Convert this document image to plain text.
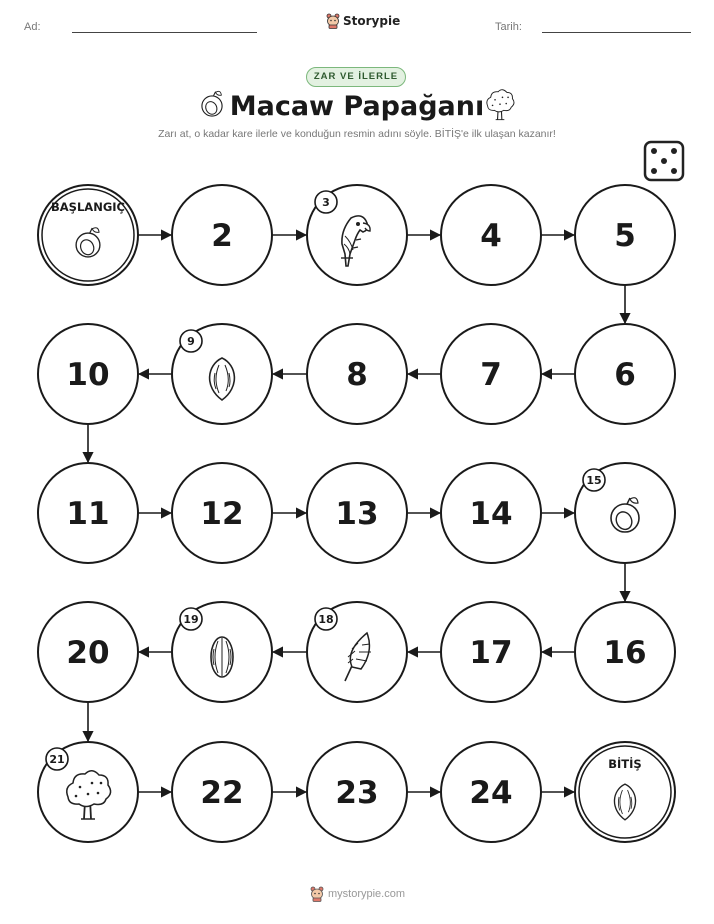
Ad:	Storypie	Tarih:
ZAR VE İLERLE
Macaw Papağanı
Zarı at, o kadar kare ilerle ve konduğun resmin adını söyle. BİTİŞ'e ilk ulaşan kazanır!
BAŞLANGIÇ
2
3
4	5
6
7
8
9
10
11	12	13	14
15
16
17
18
19
20
21
22	23	24
BİTİŞ
mystorypie.com
